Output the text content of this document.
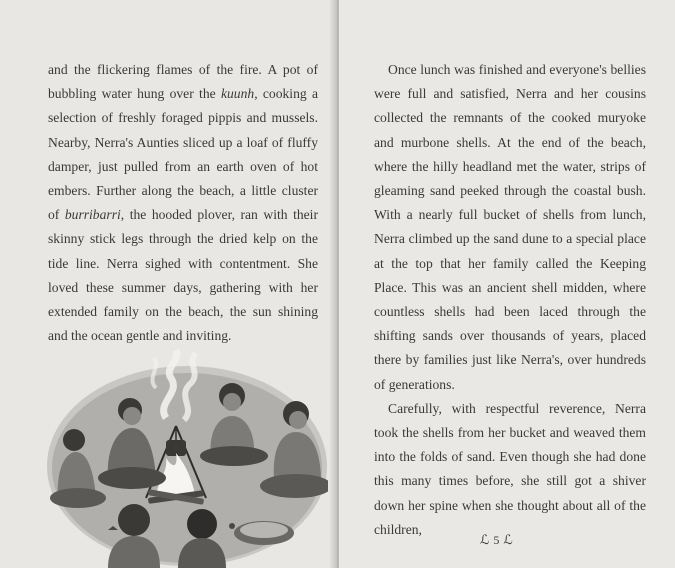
and the flickering flames of the fire. A pot of bubbling water hung over the kuunh, cooking a selection of freshly foraged pippis and mussels. Nearby, Nerra's Aunties sliced up a loaf of fluffy damper, just pulled from an earth oven of hot embers. Further along the beach, a little cluster of burribarri, the hooded plover, ran with their skinny stick legs through the dried kelp on the tide line. Nerra sighed with contentment. She loved these summer days, gathering with her extended family on the beach, the sun shining and the ocean gentle and inviting.

Once lunch was finished and everyone's bellies were full and satisfied, Nerra and her cousins collected the remnants of the cooked muryoke and murbone shells. At the end of the beach, where the hilly headland met the water, strips of gleaming sand peeked through the coastal bush. With a nearly full bucket of shells from lunch, Nerra climbed up the sand dune to a special place at the top that her family called the Keeping Place. This was an ancient shell midden, where countless shells had been laced through the shifting sands over thousands of years, placed there by families just like Nerra's, over hundreds of generations.

Carefully, with respectful reverence, Nerra took the shells from her bucket and weaved them into the folds of sand. Even though she had done this many times before, she still got a shiver down her spine when she thought about all of the children,

ℒ 5 ℒ
